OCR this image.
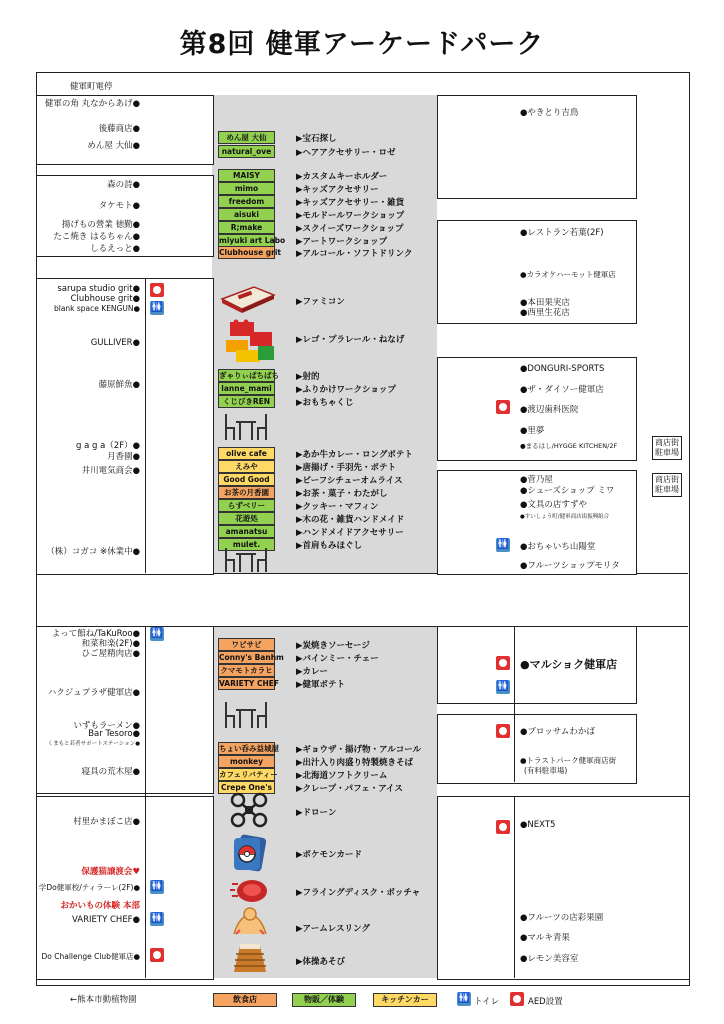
第8回 健軍アーケードパーク
健軍町電停
←熊本市動植物園
商店街
駐車場
商店街
駐車場
健軍の角 丸なからあげ●
後藤商店●
めん屋 大仙●
森の詩●
タケモト●
揚げもの營業 徳勤●
たこ焼き はるちゃん●
しるえっと●
sarupa studio grit●
Clubhouse grit●
blank space KENGUN●
GULLIVER●
藤原鮮魚●
g a g a（2F）●
月香園●
井川電気商会●
（株）コガコ ※休業中●
よって館ね/TaKuRoo●
和菜和楽(2F)●
ひご屋精肉店●
ハクジュプラザ健軍店●
いずもラーメン●
Bar Tesoro●
くまもと若者サポートステーション●
寝具の荒木屋●
村里かまぼこ店●
保護猫譲渡会♥
学Do健軍校/ティラーレ(2F)●
おかいもの体験 本部
VARIETY CHEF●
Do Challenge Club健軍店●
🚻
🚻
🚻
🚻
●やきとり吉鳥
●レストラン若葉(2F)
●カラオケハーモット健軍店
●本田果実店
●西里生花店
●DONGURI-SPORTS
●ザ・ダイソー健軍店
●渡辺歯科医院
●里夢
●まるはし/HYGGE KITCHEN/2F
●菅乃屋
●シューズショップ ミワ
●文具の店すずや
●すいしょう町/健軍商店街振興組合
●おちゃいち山陽堂
●フルーツショップモリタ
●マルショク健軍店
●ブロッサムわかば
●トラストパーク健軍商店街
(有料駐車場)
●NEXT5
●フルーツの店彩果園
●マルキ青果
●レモン美容室
🚻
🚻
めん屋 大仙	▶宝石探し
natural_ove	▶ヘアアクセサリー・ロゼ
MAISY	▶カスタムキーホルダー
mimo	▶キッズアクセサリー
freedom	▶キッズアクセサリー・雑貨
aisuki	▶モルドールワークショップ
R;make	▶スクイーズワークショップ
miyuki art Labo ▶アートワークショップ
Clubhouse grit ▶アルコール・ソフトドリンク
ぎゃりぃぱちぱち ▶射的
lanne_mami	▶ふりかけワークショップ
くじびきREN	▶おもちゃくじ
olive cafe	▶あか牛カレー・ロングポテト
えみや	▶唐揚げ・手羽先・ポテト
Good Good	▶ビーフシチューオムライス
お茶の月香園	▶お茶・菓子・わたがし
らずベリー	▶クッキー・マフィン
花遊処	▶木の花・雑貨ハンドメイド
amanatsu	▶ハンドメイドアクセサリー
mulet.	▶首肩もみほぐし
ワビサビ	▶炭焼きソーセージ
Conny's Banhm ▶バインミー・チェー
クマモトカラヒ	▶カレー
VARIETY CHEF ▶健軍ポテト
ちょい呑み益城屋 ▶ギョウザ・揚げ物・アルコール
monkey	▶出汁入り肉盛り特製焼きそば
カフェリバティー ▶北海道ソフトクリーム
Crepe One's	▶クレープ・パフェ・アイス
▶ファミコン
▶レゴ・プラレール・ねなげ
▶ドローン
▶ポケモンカード
▶フライングディスク・ボッチャ
▶アームレスリング
▶体操あそび
飲食店	物販／体験	キッチンカー	🚻 トイレ	AED設置
